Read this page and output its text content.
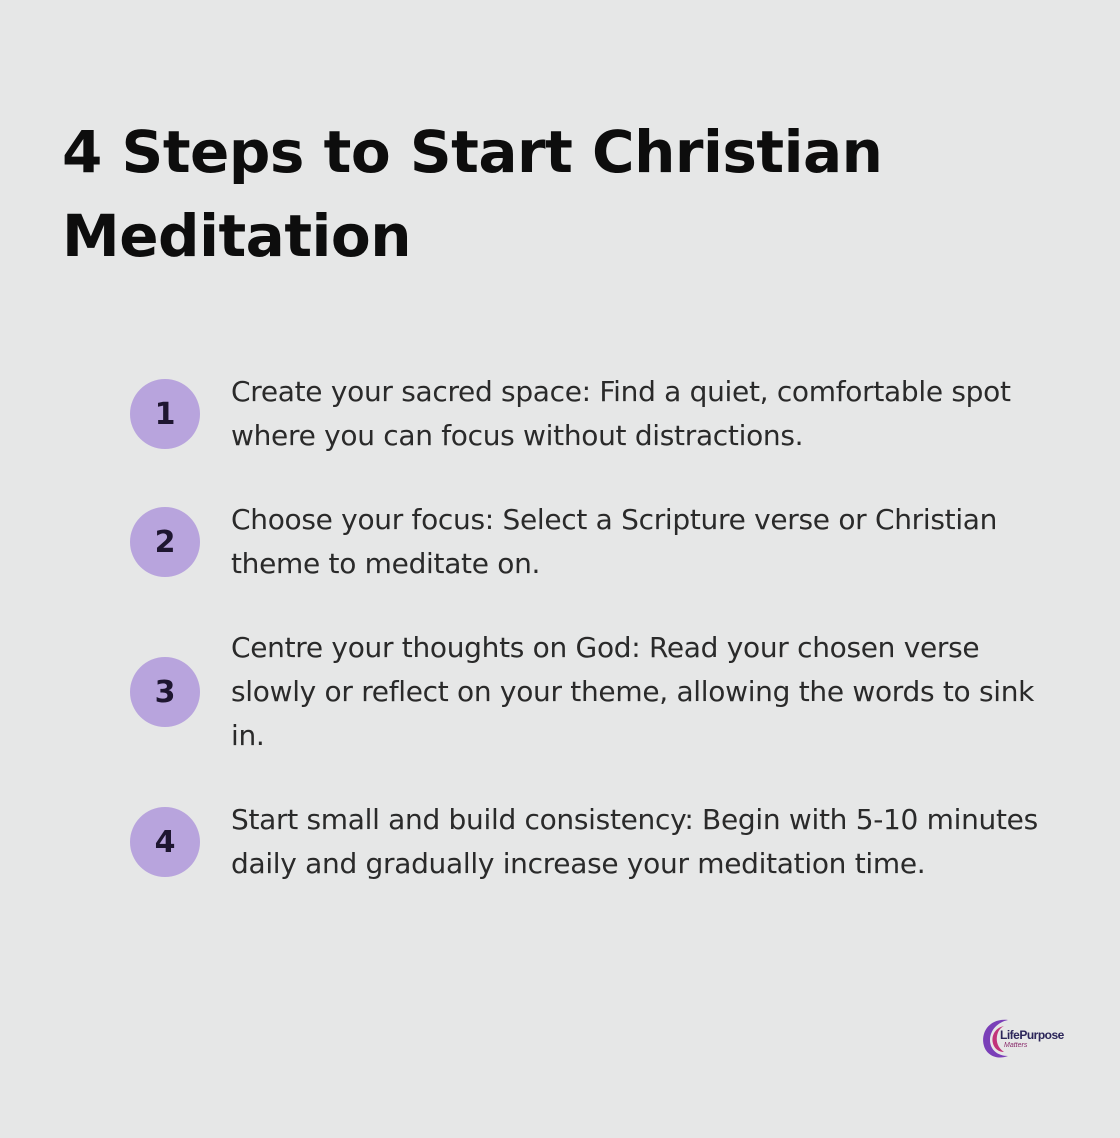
4 Steps to Start Christian Meditation
1
Create your sacred space: Find a quiet, comfortable spot where you can focus without distractions.
2
Choose your focus: Select a Scripture verse or Christian theme to meditate on.
3
Centre your thoughts on God: Read your chosen verse slowly or reflect on your theme, allowing the words to sink in.
4
Start small and build consistency: Begin with 5-10 minutes daily and gradually increase your meditation time.
LifePurpose
Matters
